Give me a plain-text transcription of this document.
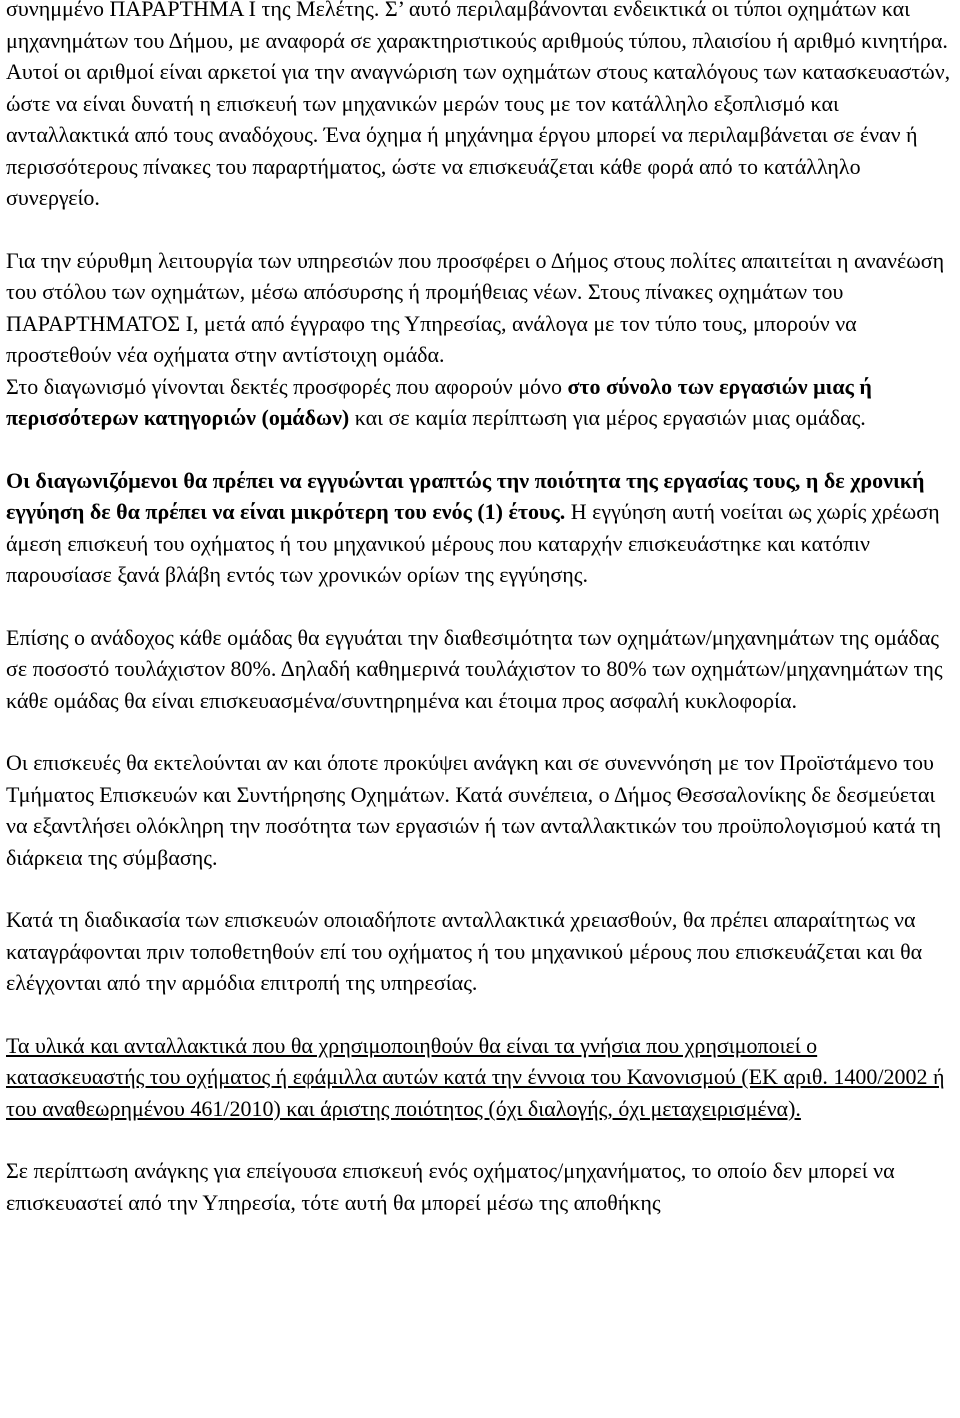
συνημμένο ΠΑΡΑΡΤΗΜΑ Ι της Μελέτης. Σ’ αυτό περιλαμβάνονται ενδεικτικά οι τύποι οχημάτων και μηχανημάτων του Δήμου, με αναφορά σε χαρακτηριστικούς αριθμούς τύπου, πλαισίου ή αριθμό κινητήρα. Αυτοί οι αριθμοί είναι αρκετοί για την αναγνώριση των οχημάτων στους καταλόγους των κατασκευαστών, ώστε να είναι δυνατή η επισκευή των μηχανικών μερών τους με τον κατάλληλο εξοπλισμό και ανταλλακτικά από τους αναδόχους. Ένα όχημα ή μηχάνημα έργου μπορεί να περιλαμβάνεται σε έναν ή περισσότερους πίνακες του παραρτήματος, ώστε να επισκευάζεται κάθε φορά από το κατάλληλο συνεργείο.

Για την εύρυθμη λειτουργία των υπηρεσιών που προσφέρει ο Δήμος στους πολίτες απαιτείται η ανανέωση του στόλου των οχημάτων, μέσω απόσυρσης ή προμήθειας νέων. Στους πίνακες οχημάτων του ΠΑΡΑΡΤΗΜΑΤΟΣ Ι, μετά από έγγραφο της Υπηρεσίας, ανάλογα με τον τύπο τους, μπορούν να προστεθούν νέα οχήματα στην αντίστοιχη ομάδα.

Στο διαγωνισμό γίνονται δεκτές προσφορές που αφορούν μόνο στο σύνολο των εργασιών μιας ή περισσότερων κατηγοριών (ομάδων) και σε καμία περίπτωση για μέρος εργασιών μιας ομάδας.

Οι διαγωνιζόμενοι θα πρέπει να εγγυώνται γραπτώς την ποιότητα της εργασίας τους, η δε χρονική εγγύηση δε θα πρέπει να είναι μικρότερη του ενός (1) έτους. Η εγγύηση αυτή νοείται ως χωρίς χρέωση άμεση επισκευή του οχήματος ή του μηχανικού μέρους που καταρχήν επισκευάστηκε και κατόπιν παρουσίασε ξανά βλάβη εντός των χρονικών ορίων της εγγύησης.

Επίσης ο ανάδοχος κάθε ομάδας θα εγγυάται την διαθεσιμότητα των οχημάτων/μηχανημάτων της ομάδας σε ποσοστό τουλάχιστον 80%. Δηλαδή καθημερινά τουλάχιστον το 80% των οχημάτων/μηχανημάτων της κάθε ομάδας θα είναι επισκευασμένα/συντηρημένα και έτοιμα προς ασφαλή κυκλοφορία.

Οι επισκευές θα εκτελούνται αν και όποτε προκύψει ανάγκη και σε συνεννόηση με τον Προϊστάμενο του Τμήματος Επισκευών και Συντήρησης Οχημάτων. Κατά συνέπεια, ο Δήμος Θεσσαλονίκης δε δεσμεύεται να εξαντλήσει ολόκληρη την ποσότητα των εργασιών ή των ανταλλακτικών του προϋπολογισμού κατά τη διάρκεια της σύμβασης.

Κατά τη διαδικασία των επισκευών οποιαδήποτε ανταλλακτικά χρειασθούν, θα πρέπει απαραίτητως να καταγράφονται πριν τοποθετηθούν επί του οχήματος ή του μηχανικού μέρους που επισκευάζεται και θα ελέγχονται από την αρμόδια επιτροπή της υπηρεσίας.

Τα υλικά και ανταλλακτικά που θα χρησιμοποιηθούν θα είναι τα γνήσια που χρησιμοποιεί ο κατασκευαστής του οχήματος ή εφάμιλλα αυτών κατά την έννοια του Κανονισμού (ΕΚ αριθ. 1400/2002 ή του αναθεωρημένου 461/2010) και άριστης ποιότητος (όχι διαλογής, όχι μεταχειρισμένα).

Σε περίπτωση ανάγκης για επείγουσα επισκευή ενός οχήματος/μηχανήματος, το οποίο δεν μπορεί να επισκευαστεί από την Υπηρεσία, τότε αυτή θα μπορεί μέσω της αποθήκης
